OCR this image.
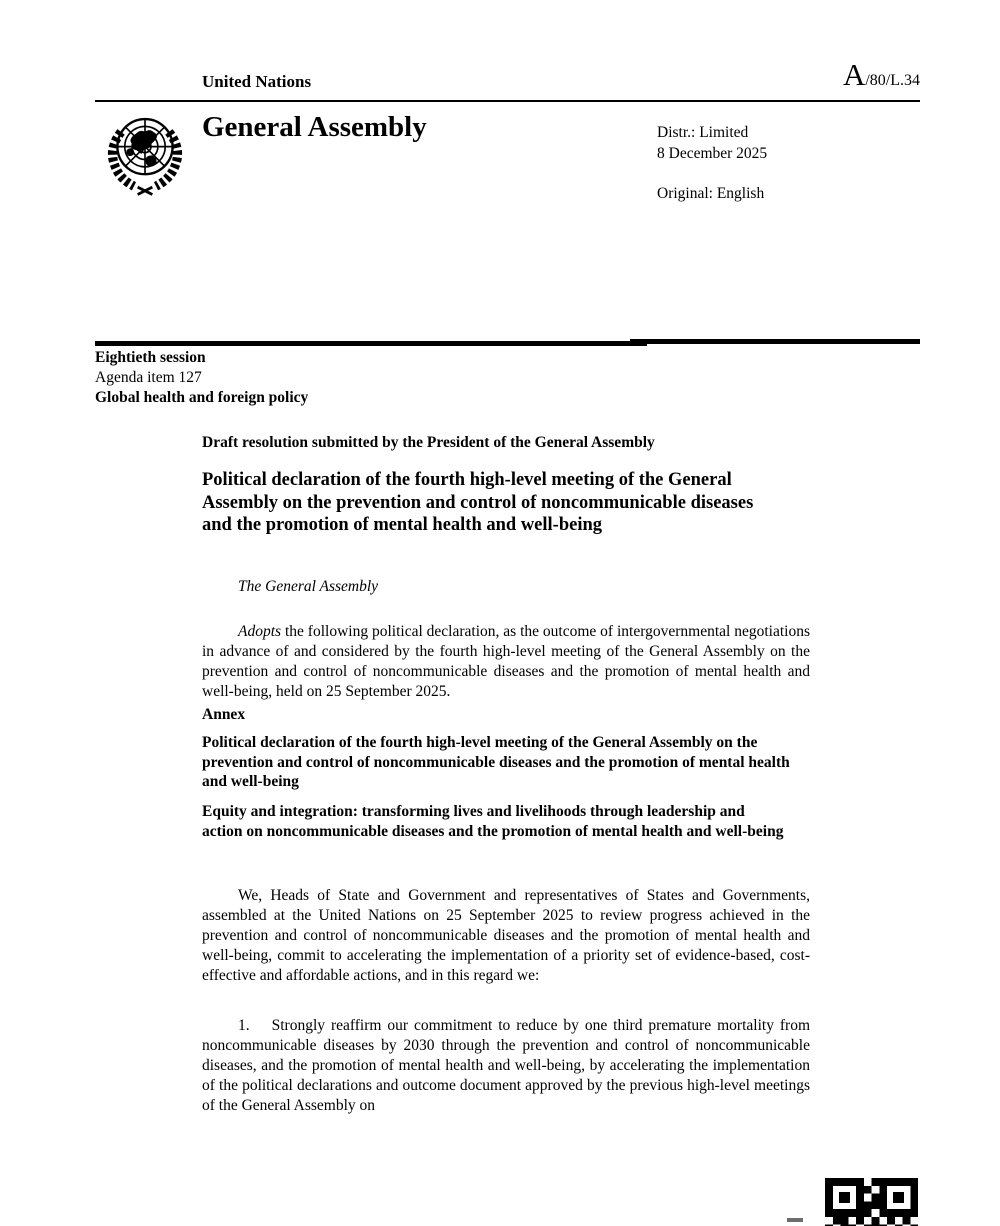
United Nations	A /80/L.34
General Assembly	Distr.: Limited
8 December 2025
Original: English
Eightieth session
Agenda item 127
Global health and foreign policy
Draft resolution submitted by the President of the General Assembly
Political declaration of the fourth high-level meeting of the General Assembly on the prevention and control of noncommunicable diseases and the promotion of mental health and well-being
The General Assembly

Adopts the following political declaration, as the outcome of intergovernmental negotiations in advance of and considered by the fourth high-level meeting of the General Assembly on the prevention and control of noncommunicable diseases and the promotion of mental health and well-being, held on 25 September 2025.

Annex
Political declaration of the fourth high-level meeting of the General Assembly on the prevention and control of noncommunicable diseases and the promotion of mental health and well-being
Equity and integration: transforming lives and livelihoods through leadership and action on noncommunicable diseases and the promotion of mental health and well-being

We, Heads of State and Government and representatives of States and Governments, assembled at the United Nations on 25 September 2025 to review progress achieved in the prevention and control of noncommunicable diseases and the promotion of mental health and well-being, commit to accelerating the implementation of a priority set of evidence-based, cost-effective and affordable actions, and in this regard we:

1. Strongly reaffirm our commitment to reduce by one third premature mortality from noncommunicable diseases by 2030 through the prevention and control of noncommunicable diseases, and the promotion of mental health and well-being, by accelerating the implementation of the political declarations and outcome document approved by the previous high-level meetings of the General Assembly on
